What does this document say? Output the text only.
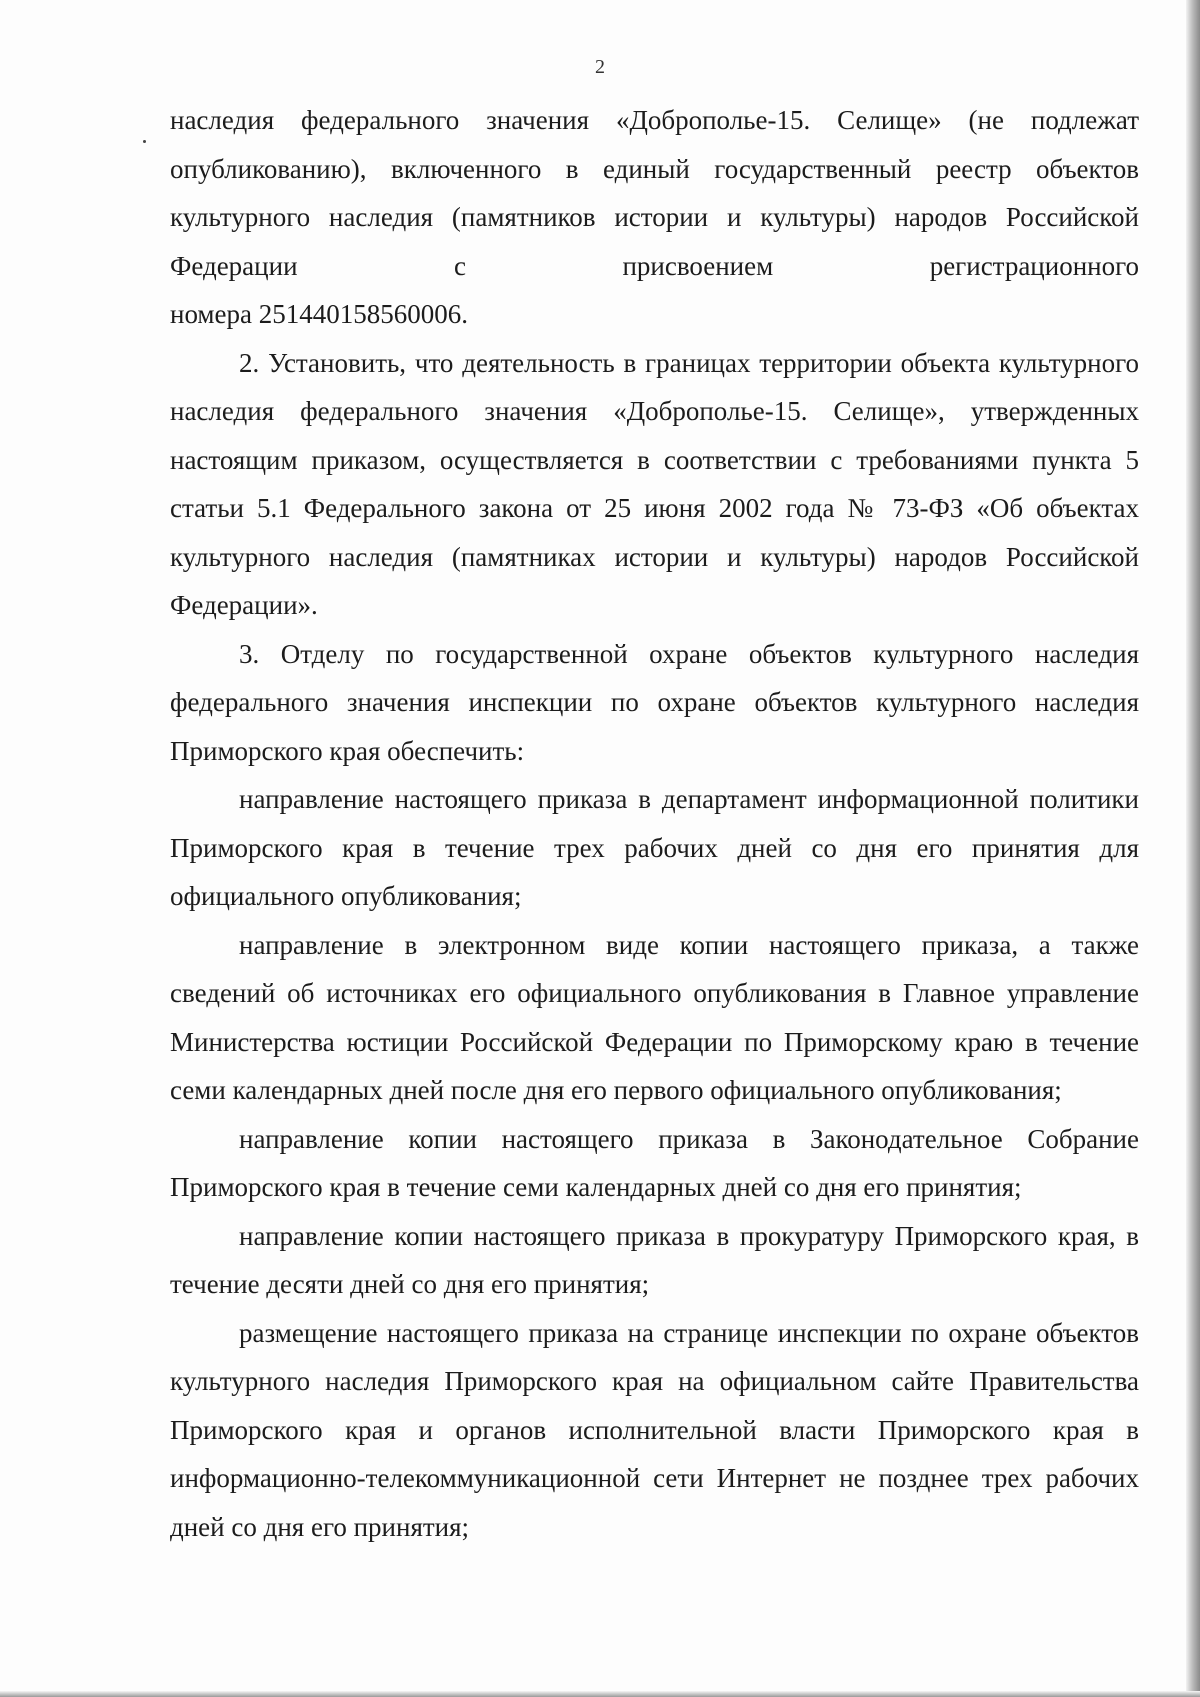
2

наследия федерального значения «Доброполье-15. Селище» (не подлежат опубликованию), включенного в единый государственный реестр объектов культурного наследия (памятников истории и культуры) народов Российской Федерации с присвоением регистрационного

номера 251440158560006.

2. Установить, что деятельность в границах территории объекта культурного наследия федерального значения «Доброполье-15. Селище», утвержденных настоящим приказом, осуществляется в соответствии с требованиями пункта 5 статьи 5.1 Федерального закона от 25 июня 2002 года № 73-ФЗ «Об объектах культурного наследия (памятниках истории и культуры) народов Российской Федерации».

3. Отделу по государственной охране объектов культурного наследия федерального значения инспекции по охране объектов культурного наследия Приморского края обеспечить:

направление настоящего приказа в департамент информационной политики Приморского края в течение трех рабочих дней со дня его принятия для официального опубликования;

направление в электронном виде копии настоящего приказа, а также сведений об источниках его официального опубликования в Главное управление Министерства юстиции Российской Федерации по Приморскому краю в течение семи календарных дней после дня его первого официального опубликования;

направление копии настоящего приказа в Законодательное Собрание Приморского края в течение семи календарных дней со дня его принятия;

направление копии настоящего приказа в прокуратуру Приморского края, в течение десяти дней со дня его принятия;

размещение настоящего приказа на странице инспекции по охране объектов культурного наследия Приморского края на официальном сайте Правительства Приморского края и органов исполнительной власти Приморского края в информационно-телекоммуникационной сети Интернет не позднее трех рабочих дней со дня его принятия;
